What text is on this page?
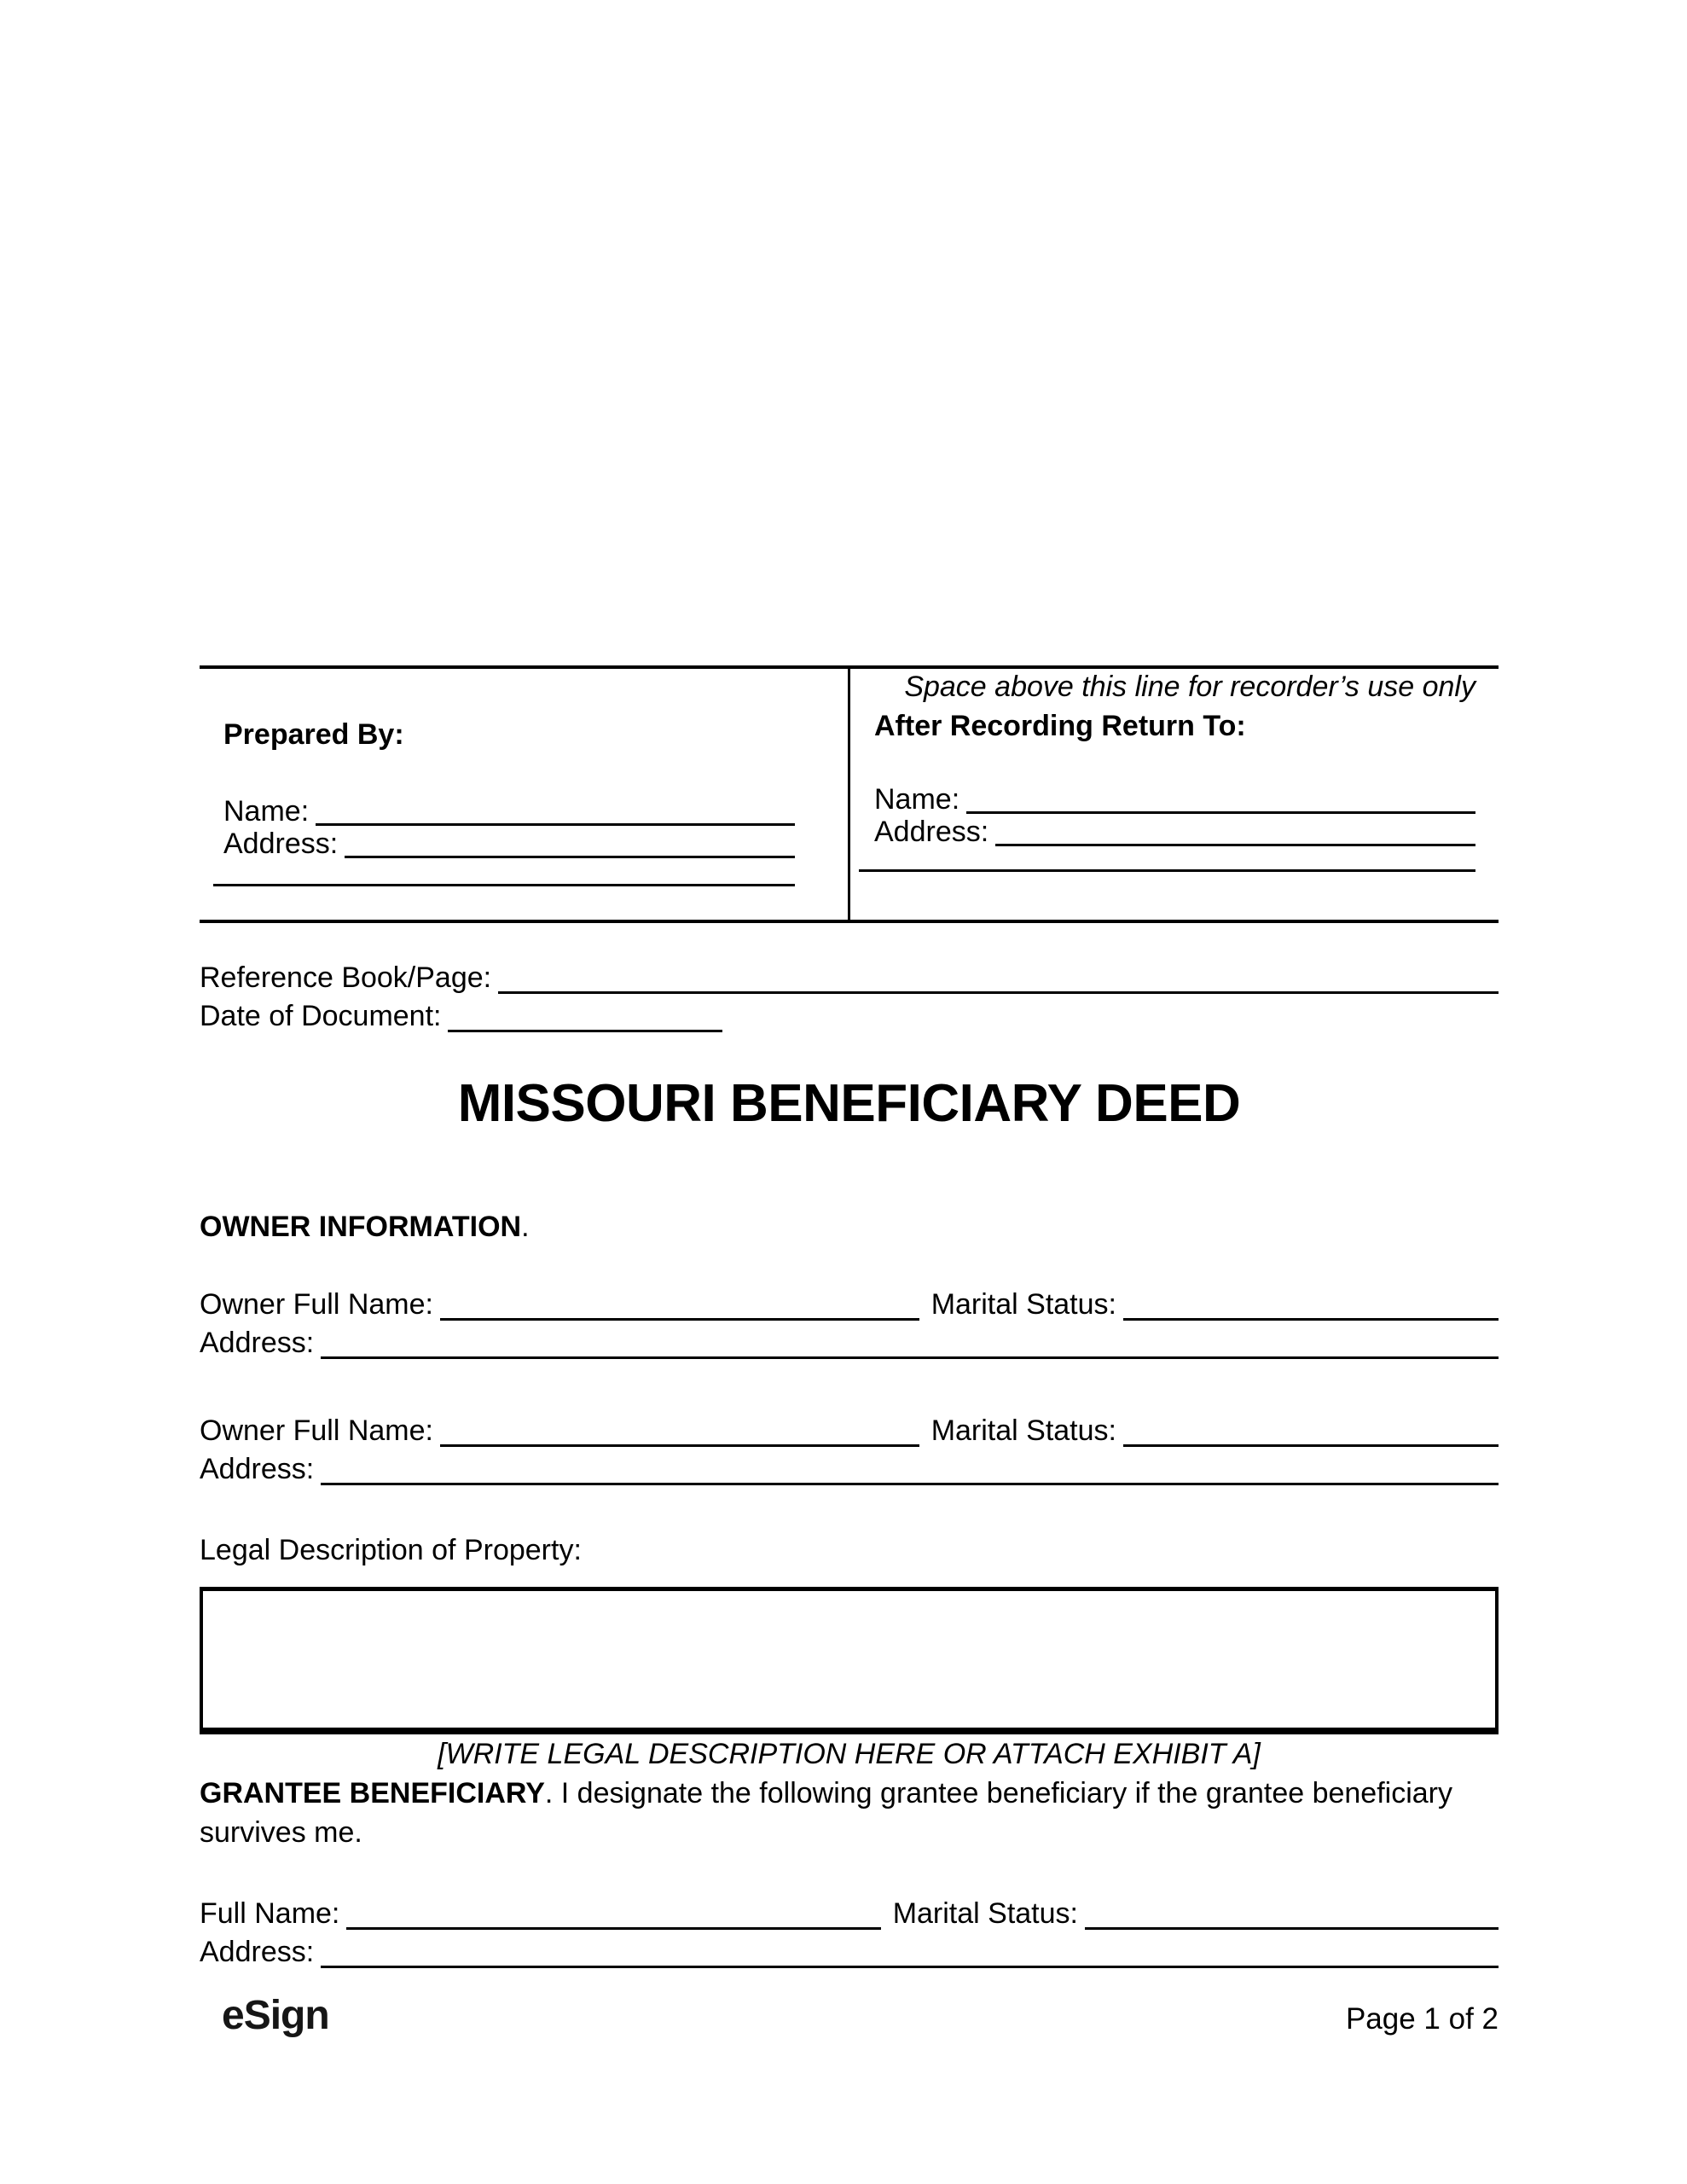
Prepared By:
Name:
Address:
Space above this line for recorder’s use only
After Recording Return To:
Name:
Address:
Reference Book/Page:
Date of Document:
MISSOURI BENEFICIARY DEED
OWNER INFORMATION.
Owner Full Name:	Marital Status:
Address:
Owner Full Name:	Marital Status:
Address:
Legal Description of Property:
[WRITE LEGAL DESCRIPTION HERE OR ATTACH EXHIBIT A]
GRANTEE BENEFICIARY. I designate the following grantee beneficiary if the grantee beneficiary survives me.
Full Name:	Marital Status:
Address:
eSign	Page 1 of 2
